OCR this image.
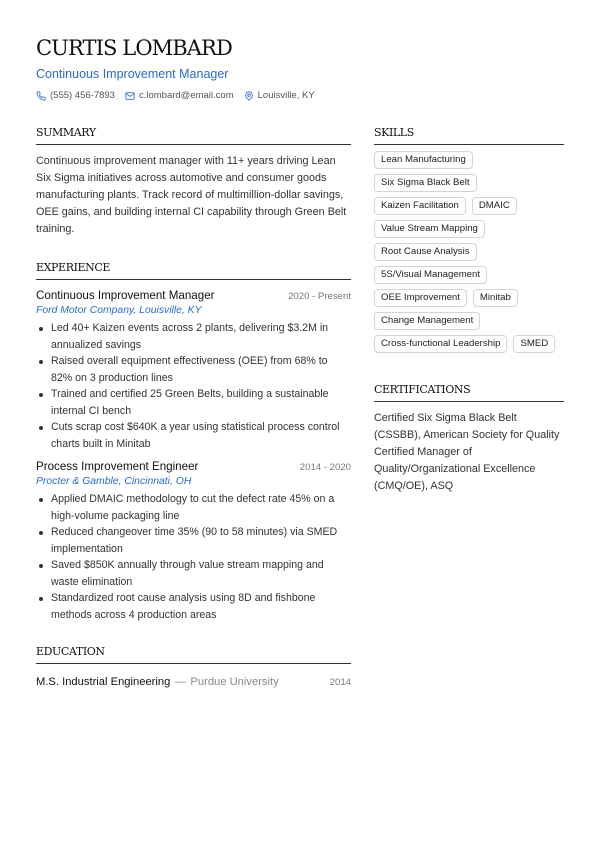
CURTIS LOMBARD
Continuous Improvement Manager
(555) 456-7893	c.lombard@email.com	Louisville, KY
SUMMARY

Continuous improvement manager with 11+ years driving Lean Six Sigma initiatives across automotive and consumer goods manufacturing plants. Track record of multimillion-dollar savings, OEE gains, and building internal CI capability through Green Belt training.

EXPERIENCE
Continuous Improvement Manager	2020 - Present
Ford Motor Company, Louisville, KY
Led 40+ Kaizen events across 2 plants, delivering $3.2M in annualized savings
Raised overall equipment effectiveness (OEE) from 68% to 82% on 3 production lines
Trained and certified 25 Green Belts, building a sustainable internal CI bench
Cuts scrap cost $640K a year using statistical process control charts built in Minitab
Process Improvement Engineer	2014 - 2020
Procter & Gamble, Cincinnati, OH
Applied DMAIC methodology to cut the defect rate 45% on a high-volume packaging line
Reduced changeover time 35% (90 to 58 minutes) via SMED implementation
Saved $850K annually through value stream mapping and waste elimination
Standardized root cause analysis using 8D and fishbone methods across 4 production areas
EDUCATION
M.S. Industrial Engineering — Purdue University	2014
SKILLS
Lean Manufacturing
Six Sigma Black Belt
Kaizen Facilitation	DMAIC
Value Stream Mapping
Root Cause Analysis
5S/Visual Management
OEE Improvement	Minitab
Change Management
Cross-functional Leadership	SMED
CERTIFICATIONS

Certified Six Sigma Black Belt (CSSBB), American Society for Quality Certified Manager of Quality/Organizational Excellence (CMQ/OE), ASQ
